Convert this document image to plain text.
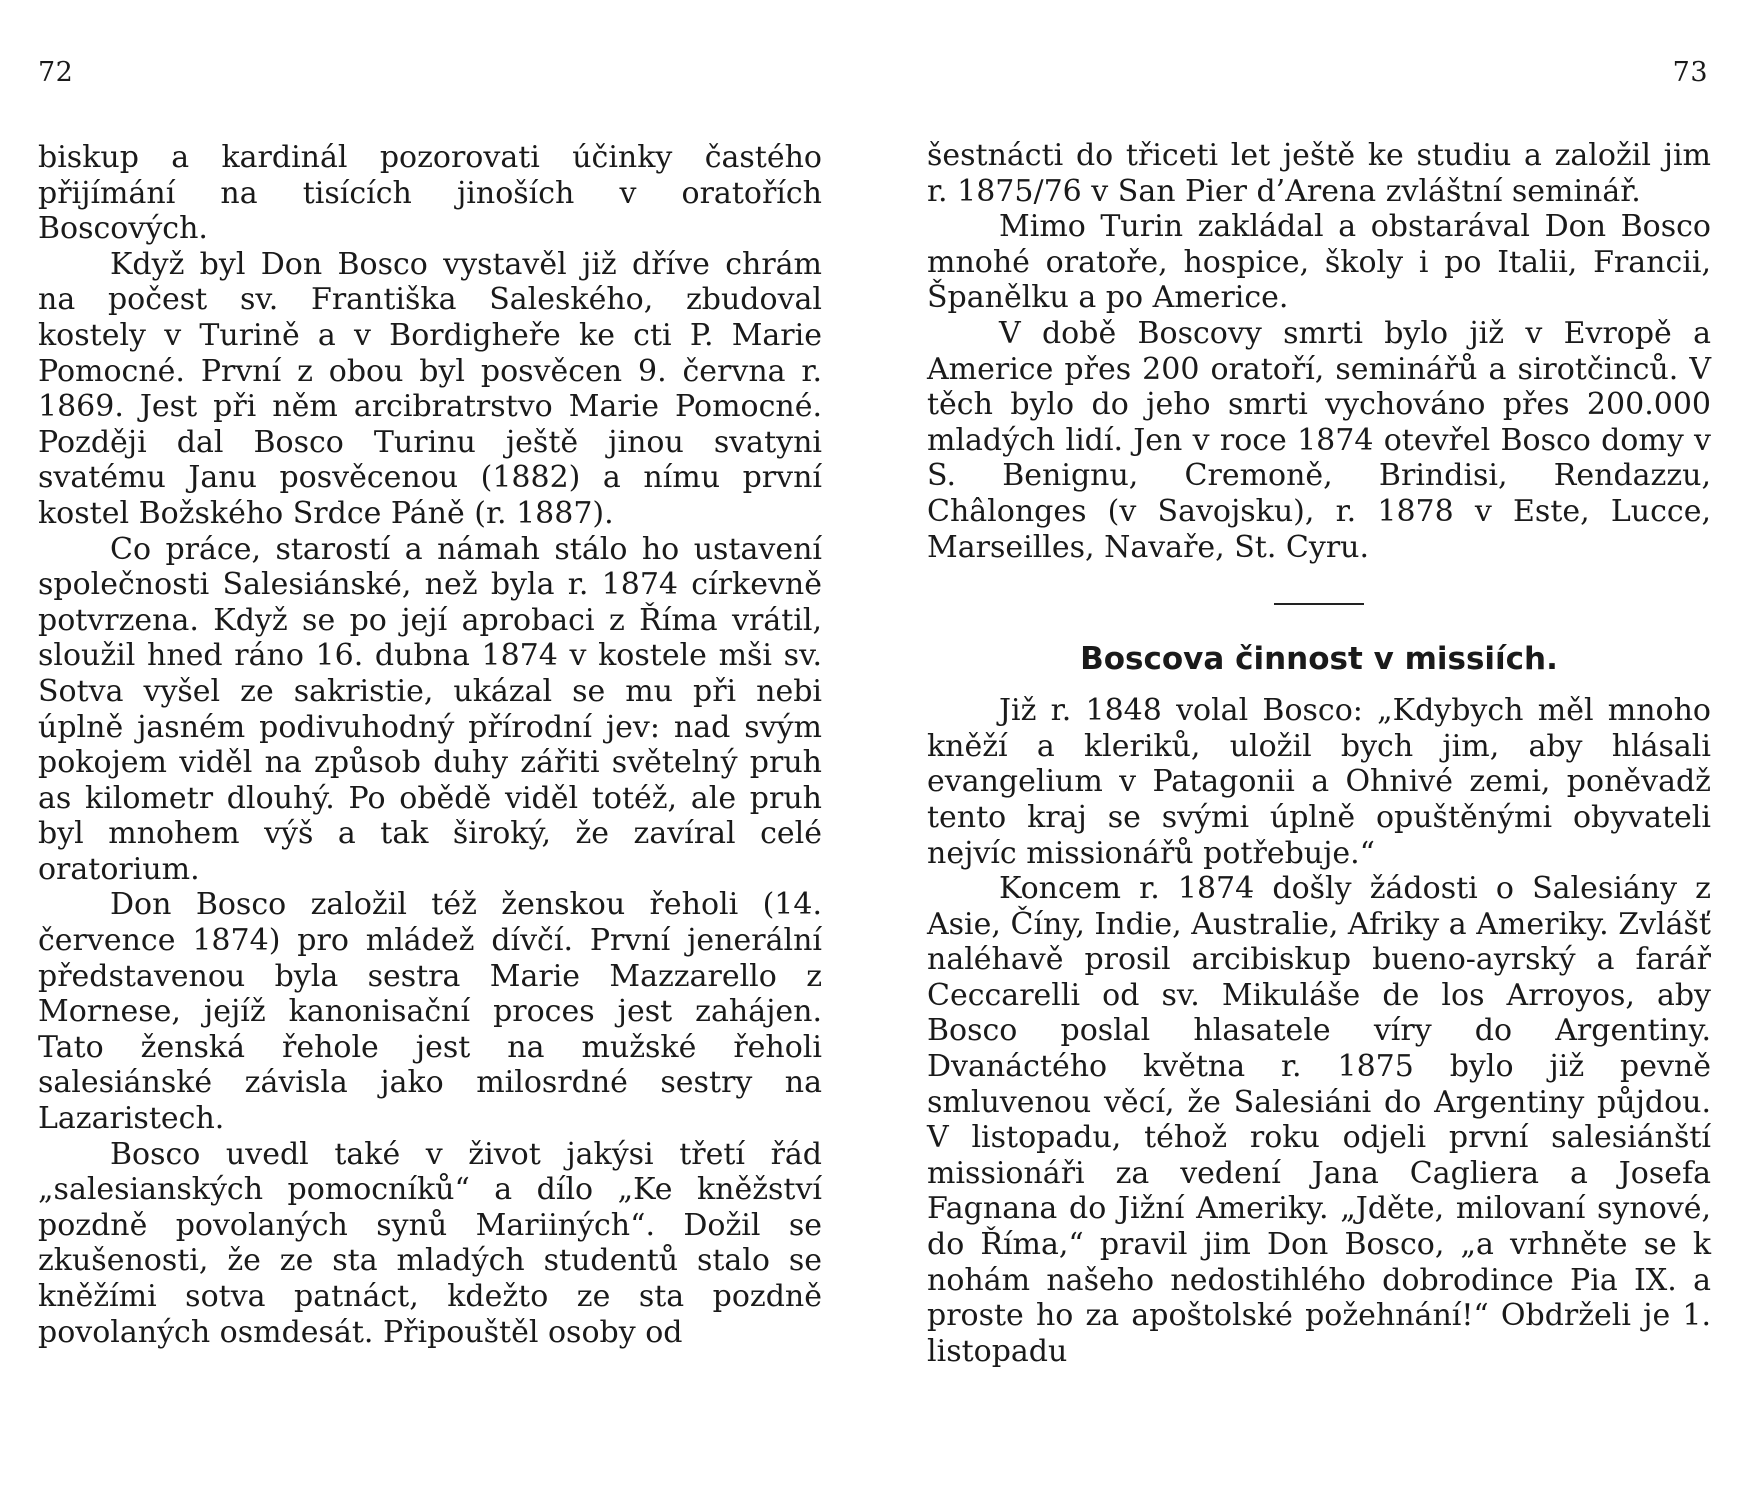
72

biskup a kardinál pozorovati účinky častého přijímání na tisících jinoších v oratořích Boscových.

Když byl Don Bosco vystavěl již dříve chrám na počest sv. Františka Saleského, zbudoval kostely v Turině a v Bordigheře ke cti P. Marie Pomocné. První z obou byl posvěcen 9. června r. 1869. Jest při něm arcibratrstvo Marie Pomocné. Později dal Bosco Turinu ještě jinou svatyni svatému Janu posvěcenou (1882) a nímu první kostel Božského Srdce Páně (r. 1887).

Co práce, starostí a námah stálo ho ustavení společnosti Salesiánské, než byla r. 1874 církevně potvrzena. Když se po její aprobaci z Říma vrátil, sloužil hned ráno 16. dubna 1874 v kostele mši sv. Sotva vyšel ze sakristie, ukázal se mu při nebi úplně jasném podivuhodný přírodní jev: nad svým pokojem viděl na způsob duhy zářiti světelný pruh as kilometr dlouhý. Po obědě viděl totéž, ale pruh byl mnohem výš a tak široký, že zavíral celé oratorium.

Don Bosco založil též ženskou řeholi (14. července 1874) pro mládež dívčí. První jenerální představenou byla sestra Marie Mazzarello z Mornese, jejíž kanonisační proces jest zahájen. Tato ženská řehole jest na mužské řeholi salesiánské závisla jako milosrdné sestry na Lazaristech.

Bosco uvedl také v život jakýsi třetí řád „salesianských pomocníků“ a dílo „Ke kněžství pozdně povolaných synů Mariiných“. Dožil se zkušenosti, že ze sta mladých studentů stalo se kněžími sotva patnáct, kdežto ze sta pozdně povolaných osmdesát. Připouštěl osoby od

73

šestnácti do třiceti let ještě ke studiu a založil jim r. 1875/76 v San Pier d’Arena zvláštní seminář.

Mimo Turin zakládal a obstarával Don Bosco mnohé oratoře, hospice, školy i po Italii, Francii, Španělku a po Americe.

V době Boscovy smrti bylo již v Evropě a Americe přes 200 oratoří, seminářů a sirotčinců. V těch bylo do jeho smrti vychováno přes 200.000 mladých lidí. Jen v roce 1874 otevřel Bosco domy v S. Benignu, Cremoně, Brindisi, Rendazzu, Châlonges (v Savojsku), r. 1878 v Este, Lucce, Marseilles, Navaře, St. Cyru.

Boscova činnost v missiích.

Již r. 1848 volal Bosco: „Kdybych měl mnoho kněží a kleriků, uložil bych jim, aby hlásali evangelium v Patagonii a Ohnivé zemi, poněvadž tento kraj se svými úplně opuštěnými obyvateli nejvíc missionářů potřebuje.“

Koncem r. 1874 došly žádosti o Salesiány z Asie, Číny, Indie, Australie, Afriky a Ameriky. Zvlášť naléhavě prosil arcibiskup bueno-ayrský a farář Ceccarelli od sv. Mikuláše de los Arroyos, aby Bosco poslal hlasatele víry do Argentiny. Dvanáctého května r. 1875 bylo již pevně smluvenou věcí, že Salesiáni do Argentiny půjdou. V listopadu, téhož roku odjeli první salesiánští missionáři za vedení Jana Cagliera a Josefa Fagnana do Jižní Ameriky. „Jděte, milovaní synové, do Říma,“ pravil jim Don Bosco, „a vrhněte se k nohám našeho nedostihlého dobrodince Pia IX. a proste ho za apoštolské požehnání!“ Obdrželi je 1. listopadu
